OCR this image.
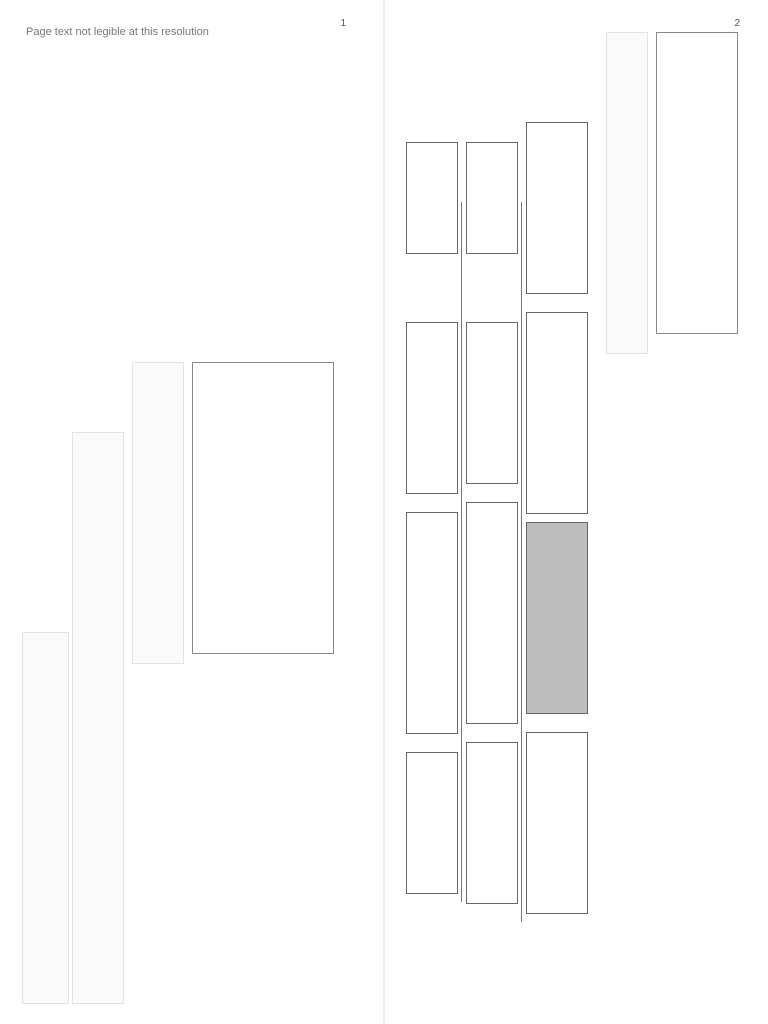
1
Page text not legible at this resolution
2
